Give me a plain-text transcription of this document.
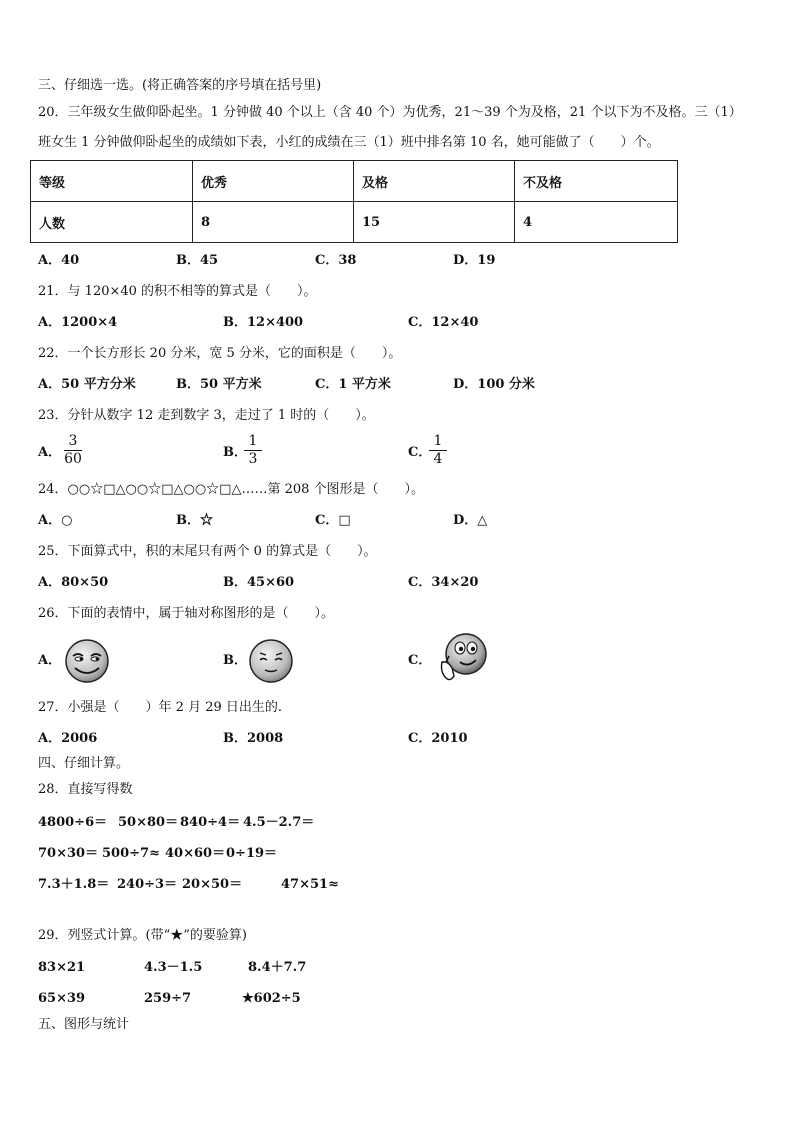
三、仔细选一选。(将正确答案的序号填在括号里)
20．三年级女生做仰卧起坐。1 分钟做 40 个以上（含 40 个）为优秀，21～39 个为及格，21 个以下为不及格。三（1）
班女生 1 分钟做仰卧起坐的成绩如下表，小红的成绩在三（1）班中排名第 10 名，她可能做了（　　）个。
等级	优秀	及格	不及格
人数	8	15	4
A．40	B．45	C．38	D．19
21．与 120×40 的积不相等的算式是（　　）。
A．1200×4	B．12×400	C．12×40
22．一个长方形长 20 分米，宽 5 分米，它的面积是（　　）。
A．50 平方分米	B．50 平方米	C．1 平方米	D．100 分米
23．分针从数字 12 走到数字 3，走过了 1 时的（　　）。
A．
3
60	B．
1
3	C．
1
4
24．○○☆□△○○☆□△○○☆□△……第 208 个图形是（　　）。
A．○	B．☆	C．□	D．△
25．下面算式中，积的末尾只有两个 0 的算式是（　　）。
A．80×50	B．45×60	C．34×20
26．下面的表情中，属于轴对称图形的是（　　）。
A．	B．	C．
27．小强是（　　）年 2 月 29 日出生的.
A．2006	B．2008	C．2010
四、仔细计算。
28．直接写得数
4800÷6＝ 50×80＝ 840÷4＝ 4.5－2.7＝
70×30＝ 500÷7≈ 40×60＝ 0÷19＝
7.3＋1.8＝ 240÷3＝ 20×50＝	47×51≈
29．列竖式计算。(带“★”的要验算)
83×21	4.3－1.5	8.4＋7.7
65×39	259÷7	★602÷5
五、图形与统计
